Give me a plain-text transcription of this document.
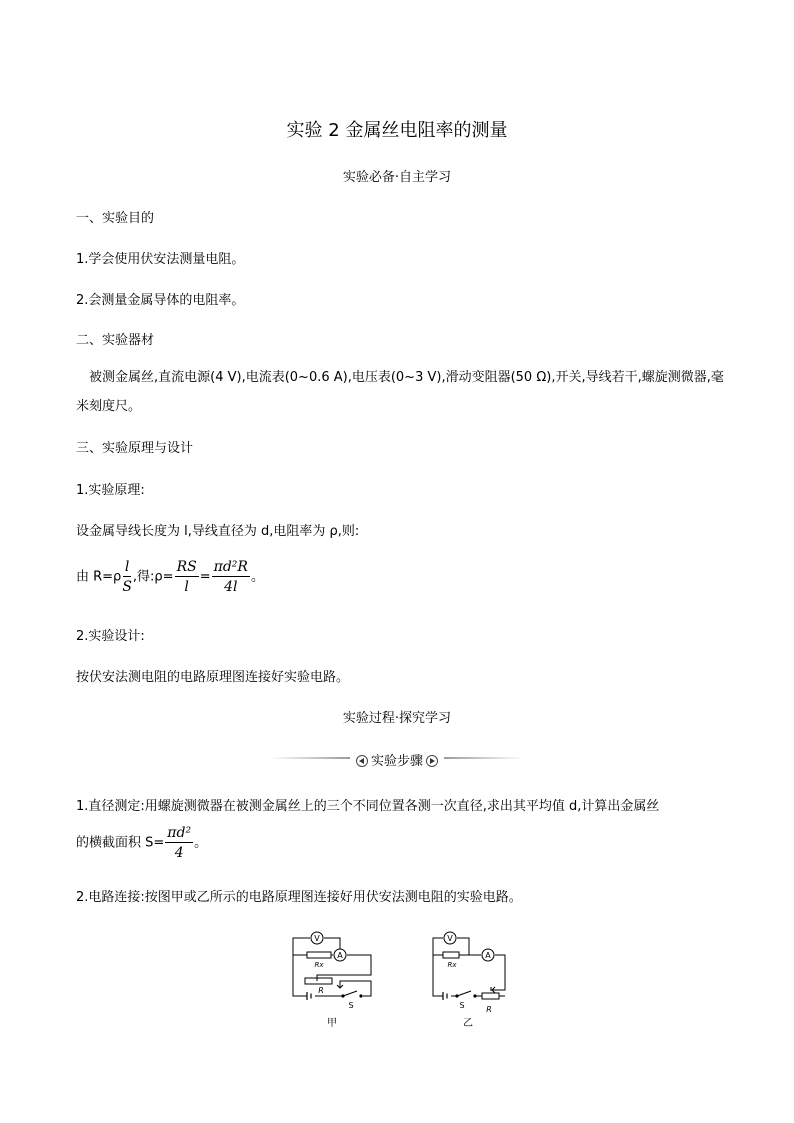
实验 2 金属丝电阻率的测量
实验必备·自主学习
一、实验目的
1.学会使用伏安法测量电阻。
2.会测量金属导体的电阻率。
二、实验器材
被测金属丝,直流电源(4 V),电流表(0~0.6 A),电压表(0~3 V),滑动变阻器(50 Ω),开关,导线若干,螺旋测微器,毫米刻度尺。
三、实验原理与设计
1.实验原理:
设金属导线长度为 l,导线直径为 d,电阻率为 ρ,则:
由 $R=\rho \frac{l}{S}$ ,得:ρ= $\frac{RS}{l} = \frac{\text{πd²R}}{4l}$ 。
2.实验设计:
按伏安法测电阻的电路原理图连接好实验电路。
实验过程·探究学习
实验步骤
1.直径测定:用螺旋测微器在被测金属丝上的三个不同位置各测一次直径,求出其平均值 d,计算出金属丝
的横截面积 $S= \frac{\text{πd²}}{4}$ 。
2.电路连接:按图甲或乙所示的电路原理图连接好用伏安法测电阻的实验电路。
V
A
Rx
R
S
甲
V
A
Rx
R
S
乙
